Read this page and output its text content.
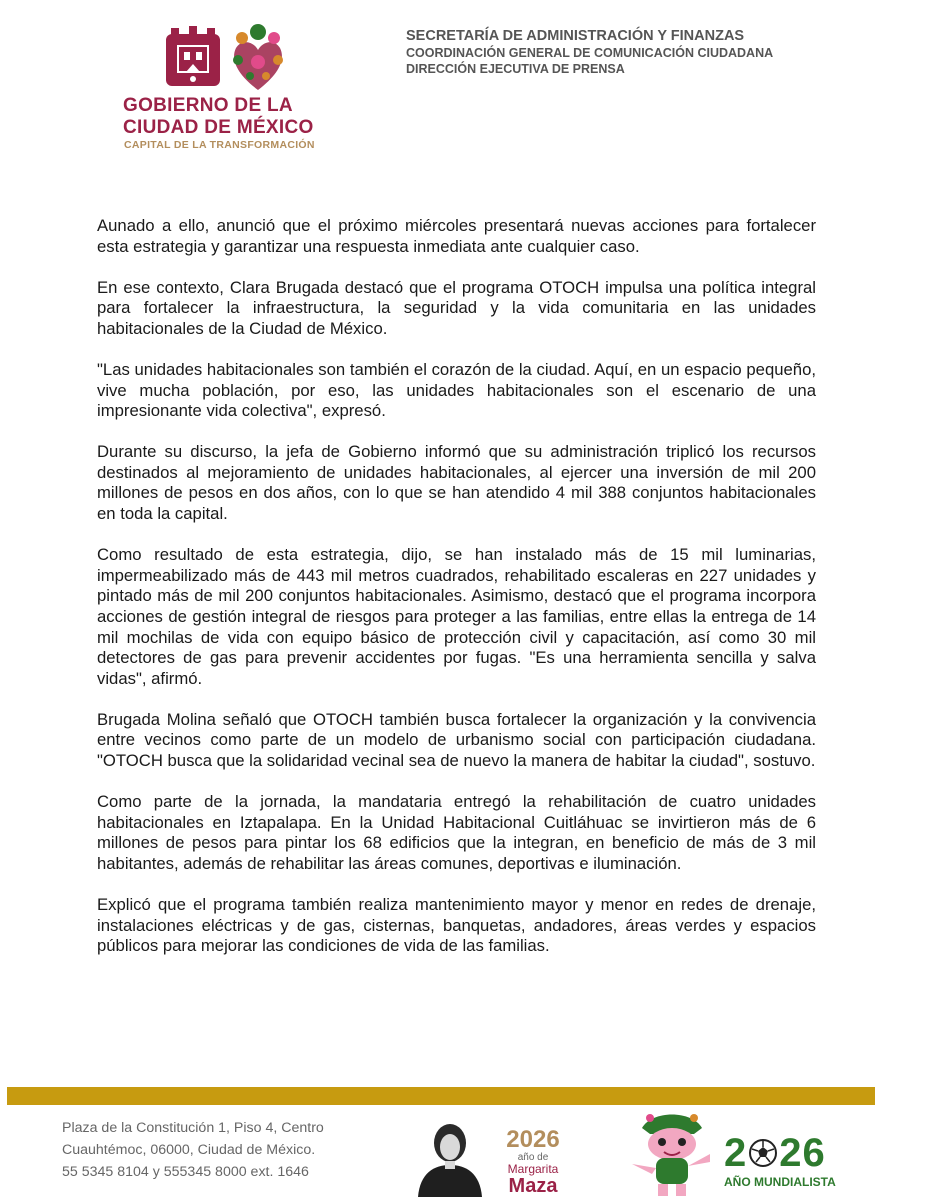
GOBIERNO DE LA
CIUDAD DE MÉXICO
CAPITAL DE LA TRANSFORMACIÓN
SECRETARÍA DE ADMINISTRACIÓN Y FINANZAS
COORDINACIÓN GENERAL DE COMUNICACIÓN CIUDADANA
DIRECCIÓN EJECUTIVA DE PRENSA

Aunado a ello, anunció que el próximo miércoles presentará nuevas acciones para fortalecer esta estrategia y garantizar una respuesta inmediata ante cualquier caso.

En ese contexto, Clara Brugada destacó que el programa OTOCH impulsa una política integral para fortalecer la infraestructura, la seguridad y la vida comunitaria en las unidades habitacionales de la Ciudad de México.

"Las unidades habitacionales son también el corazón de la ciudad. Aquí, en un espacio pequeño, vive mucha población, por eso, las unidades habitacionales son el escenario de una impresionante vida colectiva", expresó.

Durante su discurso, la jefa de Gobierno informó que su administración triplicó los recursos destinados al mejoramiento de unidades habitacionales, al ejercer una inversión de mil 200 millones de pesos en dos años, con lo que se han atendido 4 mil 388 conjuntos habitacionales en toda la capital.

Como resultado de esta estrategia, dijo, se han instalado más de 15 mil luminarias, impermeabilizado más de 443 mil metros cuadrados, rehabilitado escaleras en 227 unidades y pintado más de mil 200 conjuntos habitacionales. Asimismo, destacó que el programa incorpora acciones de gestión integral de riesgos para proteger a las familias, entre ellas la entrega de 14 mil mochilas de vida con equipo básico de protección civil y capacitación, así como 30 mil detectores de gas para prevenir accidentes por fugas. "Es una herramienta sencilla y salva vidas", afirmó.

Brugada Molina señaló que OTOCH también busca fortalecer la organización y la convivencia entre vecinos como parte de un modelo de urbanismo social con participación ciudadana. "OTOCH busca que la solidaridad vecinal sea de nuevo la manera de habitar la ciudad", sostuvo.

Como parte de la jornada, la mandataria entregó la rehabilitación de cuatro unidades habitacionales en Iztapalapa. En la Unidad Habitacional Cuitláhuac se invirtieron más de 6 millones de pesos para pintar los 68 edificios que la integran, en beneficio de más de 3 mil habitantes, además de rehabilitar las áreas comunes, deportivas e iluminación.

Explicó que el programa también realiza mantenimiento mayor y menor en redes de drenaje, instalaciones eléctricas y de gas, cisternas, banquetas, andadores, áreas verdes y espacios públicos para mejorar las condiciones de vida de las familias.

Plaza de la Constitución 1, Piso 4, Centro
Cuauhtémoc, 06000, Ciudad de México.
55 5345 8104 y 555345 8000 ext. 1646
2026
año de
Margarita
Maza
2 26
AÑO MUNDIALISTA
